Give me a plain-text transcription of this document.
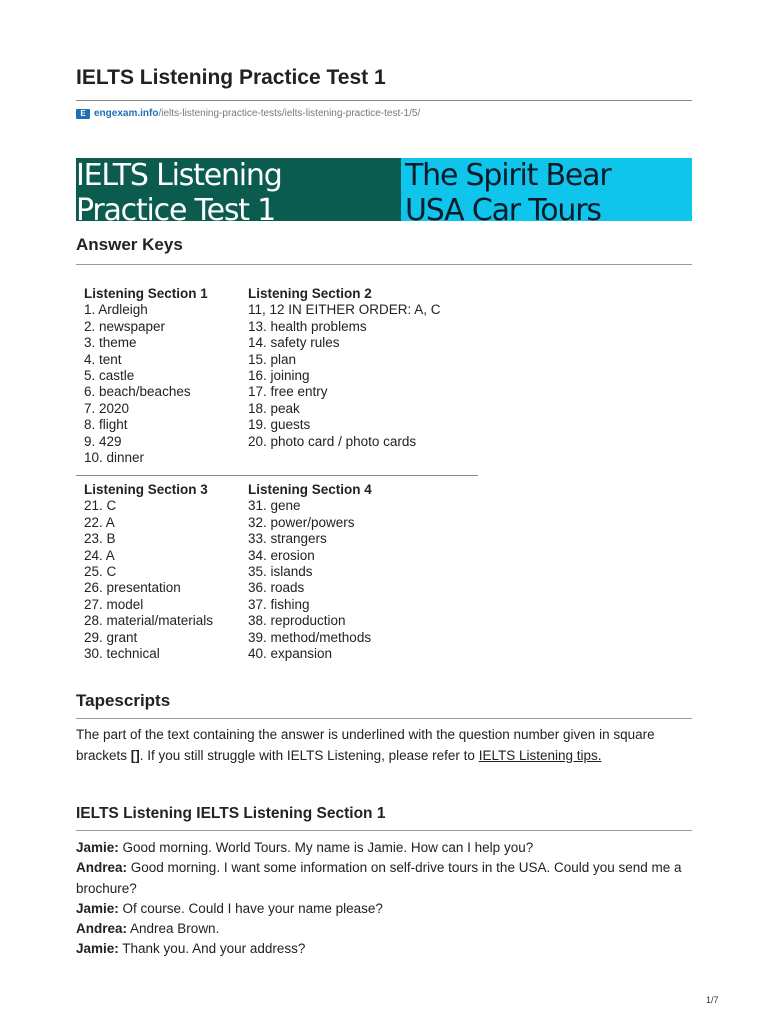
IELTS Listening Practice Test 1
E engexam.info/ielts-listening-practice-tests/ielts-listening-practice-test-1/5/
IELTS Listening
Practice Test 1
The Spirit Bear
USA Car Tours
Answer Keys
Listening Section 1
1. Ardleigh
2. newspaper
3. theme
4. tent
5. castle
6. beach/beaches
7. 2020
8. flight
9. 429
10. dinner
Listening Section 2
11, 12 IN EITHER ORDER: A, C
13. health problems
14. safety rules
15. plan
16. joining
17. free entry
18. peak
19. guests
20. photo card / photo cards
Listening Section 3
21. C
22. A
23. B
24. A
25. C
26. presentation
27. model
28. material/materials
29. grant
30. technical
Listening Section 4
31. gene
32. power/powers
33. strangers
34. erosion
35. islands
36. roads
37. fishing
38. reproduction
39. method/methods
40. expansion
Tapescripts

The part of the text containing the answer is underlined with the question number given in square brackets []. If you still struggle with IELTS Listening, please refer to IELTS Listening tips.

IELTS Listening IELTS Listening Section 1
Jamie: Good morning. World Tours. My name is Jamie. How can I help you?
Andrea: Good morning. I want some information on self-drive tours in the USA. Could you send me a brochure?
Jamie: Of course. Could I have your name please?
Andrea: Andrea Brown.
Jamie: Thank you. And your address?
1/7
